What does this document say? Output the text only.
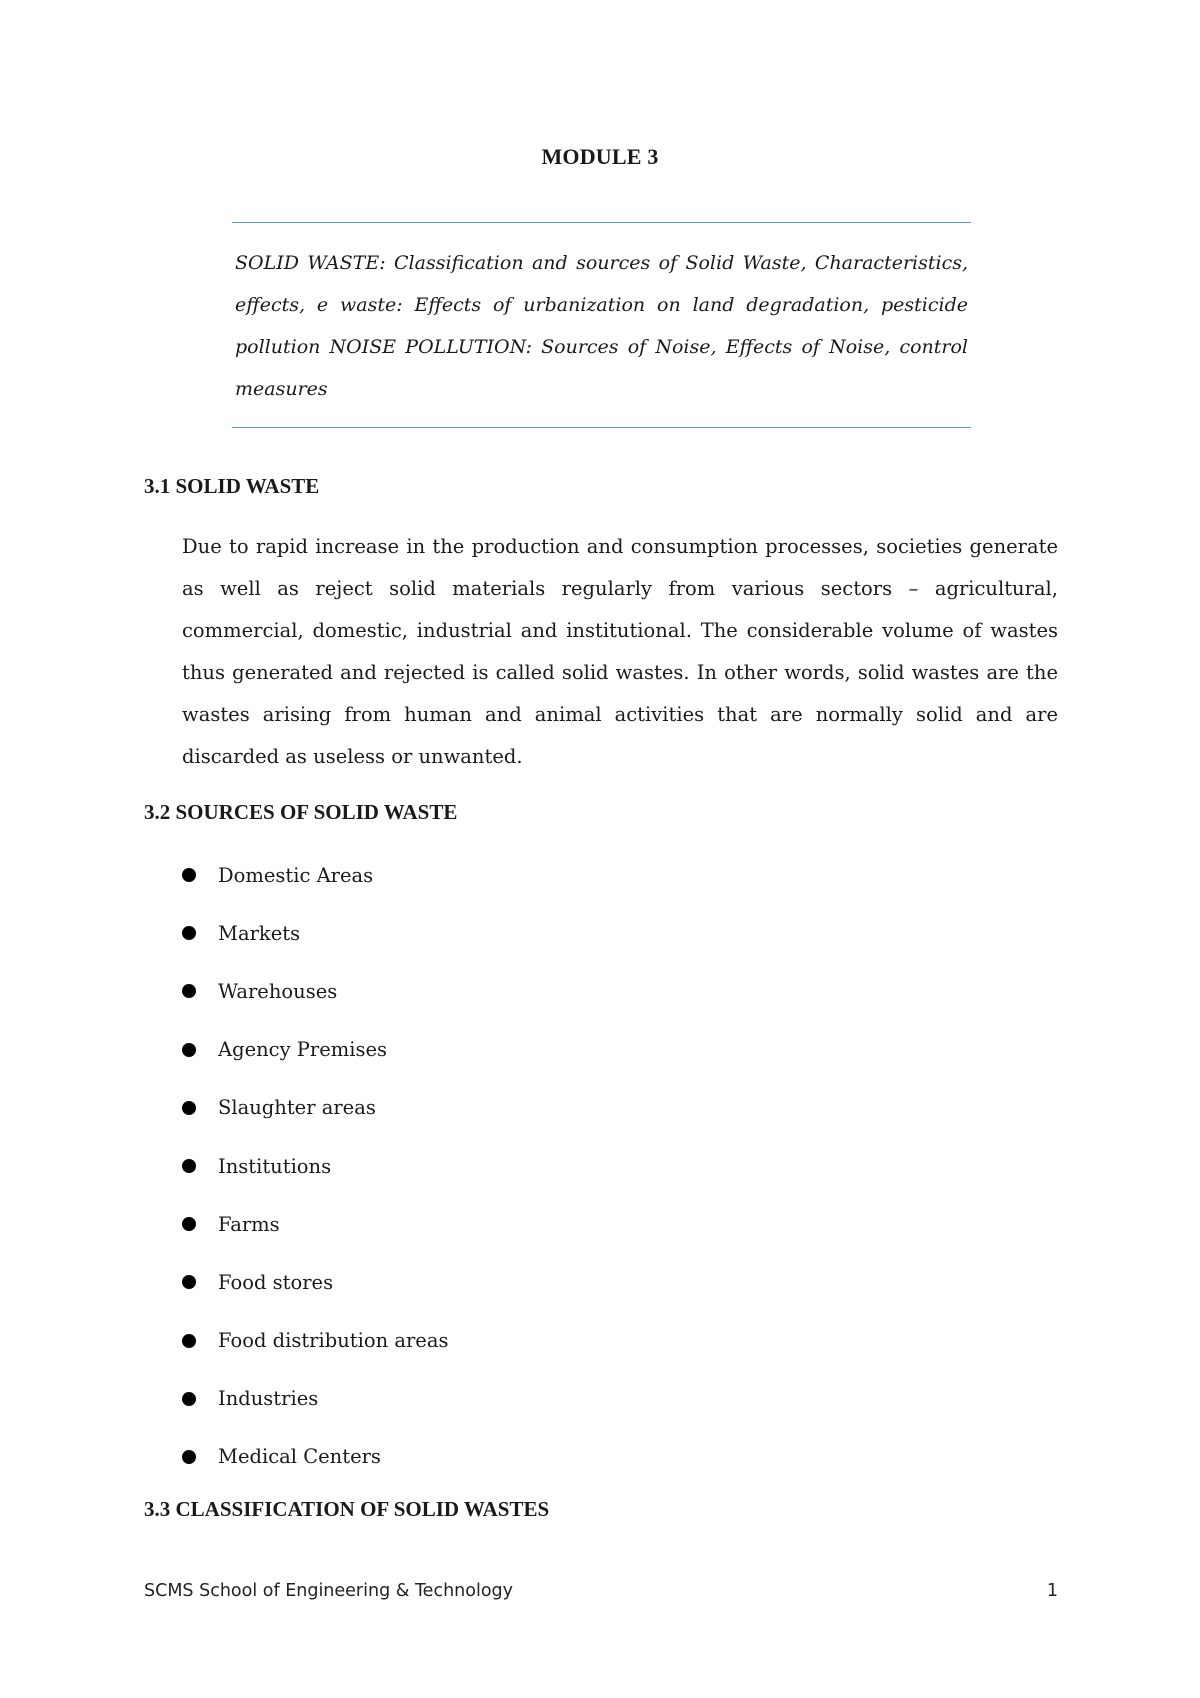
MODULE 3

SOLID WASTE: Classification and sources of Solid Waste, Characteristics, effects, e waste: Effects of urbanization on land degradation, pesticide pollution NOISE POLLUTION: Sources of Noise, Effects of Noise, control measures

3.1 SOLID WASTE

Due to rapid increase in the production and consumption processes, societies generate as well as reject solid materials regularly from various sectors – agricultural, commercial, domestic, industrial and institutional. The considerable volume of wastes thus generated and rejected is called solid wastes. In other words, solid wastes are the wastes arising from human and animal activities that are normally solid and are discarded as useless or unwanted.

3.2 SOURCES OF SOLID WASTE
Domestic Areas
Markets
Warehouses
Agency Premises
Slaughter areas
Institutions
Farms
Food stores
Food distribution areas
Industries
Medical Centers
3.3 CLASSIFICATION OF SOLID WASTES
SCMS School of Engineering & Technology	1
